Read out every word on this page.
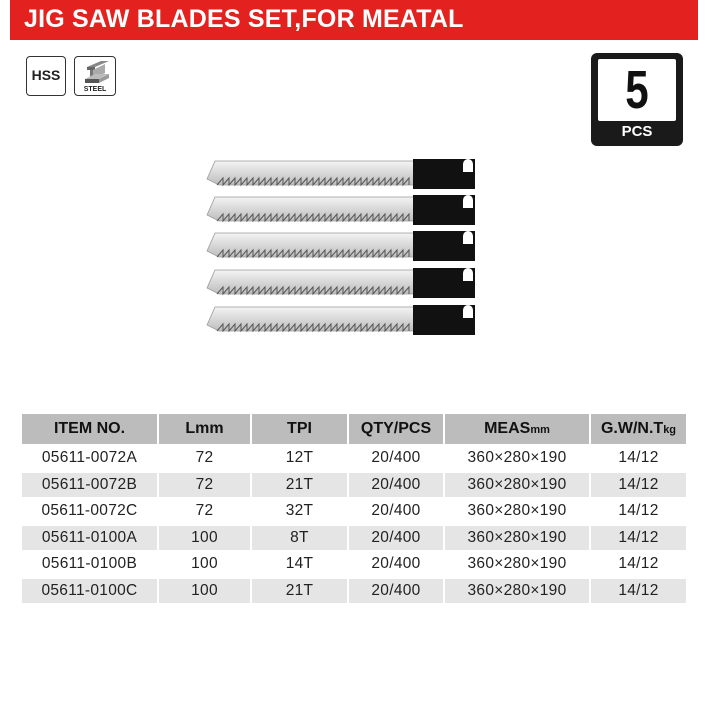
JIG SAW BLADES SET,FOR MEATAL
HSS
STEEL	5
PCS
ITEM NO.	Lmm	TPI	QTY/PCS	MEASmm	G.W/N.Tkg
05611-0072A	72	12T	20/400	360×280×190	14/12
05611-0072B	72	21T	20/400	360×280×190	14/12
05611-0072C	72	32T	20/400	360×280×190	14/12
05611-0100A	100	8T	20/400	360×280×190	14/12
05611-0100B	100	14T	20/400	360×280×190	14/12
05611-0100C	100	21T	20/400	360×280×190	14/12
